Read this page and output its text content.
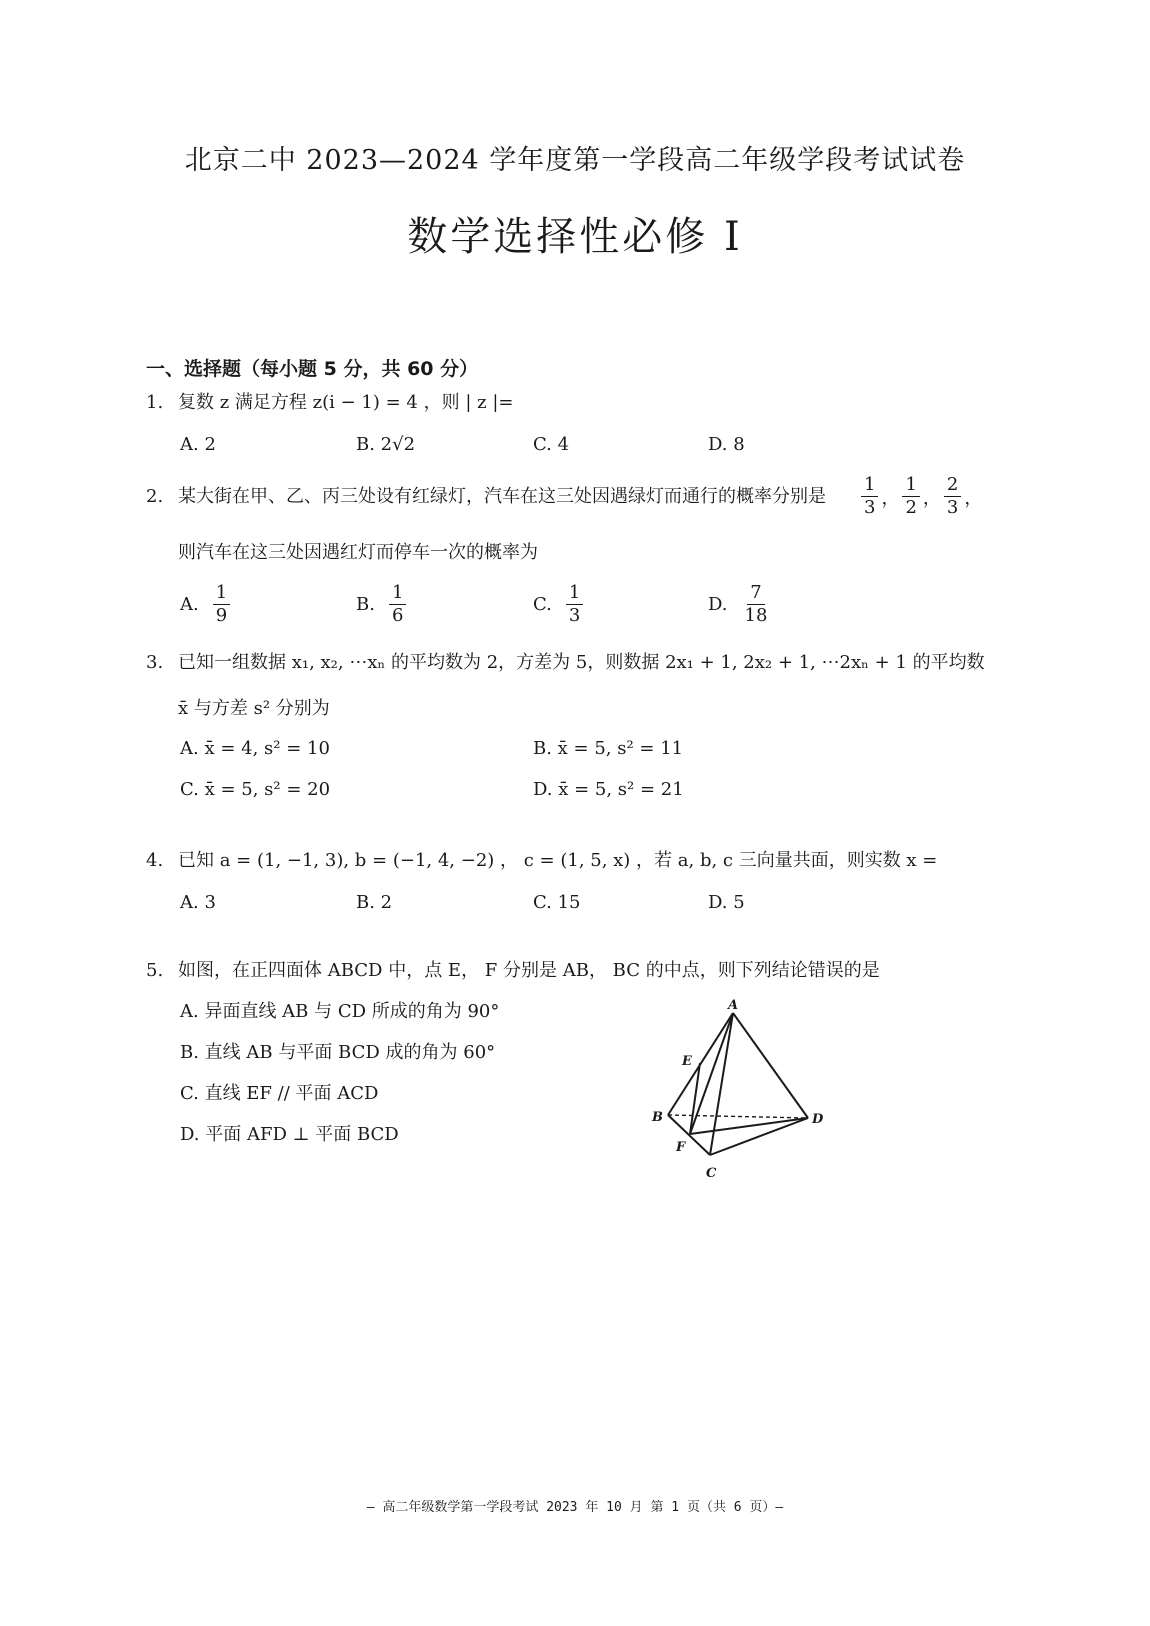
北京二中 2023—2024 学年度第一学段高二年级学段考试试卷
数学选择性必修 I
一、选择题（每小题 5 分，共 60 分）
1. 复数 z 满足方程 z(i − 1) = 4 ，则 | z |=
A. 2	B. 2√2	C. 4	D. 8
2. 某大街在甲、乙、丙三处设有红绿灯，汽车在这三处因遇绿灯而通行的概率分别是 $\frac{1}{3}$ ， $\frac{1}{2}$ ， $\frac{2}{3}$ ，
则汽车在这三处因遇红灯而停车一次的概率为
A. $\frac{1}{9}$	B. $\frac{1}{6}$	C. $\frac{1}{3}$	D. $\frac{7}{18}$
3. 已知一组数据 x₁, x₂, ⋯xₙ 的平均数为 2，方差为 5，则数据 2x₁ + 1, 2x₂ + 1, ⋯2xₙ + 1 的平均数
x̄ 与方差 s² 分别为
A. x̄ = 4, s² = 10	B. x̄ = 5, s² = 11
C. x̄ = 5, s² = 20	D. x̄ = 5, s² = 21
4. 已知 a = (1, −1, 3), b = (−1, 4, −2) ， c = (1, 5, x) ，若 a, b, c 三向量共面，则实数 x =
A. 3	B. 2	C. 15	D. 5
5. 如图，在正四面体 ABCD 中，点 E， F 分别是 AB， BC 的中点，则下列结论错误的是
A. 异面直线 AB 与 CD 所成的角为 90°
B. 直线 AB 与平面 BCD 成的角为 60°
C. 直线 EF // 平面 ACD
D. 平面 AFD ⊥ 平面 BCD
A
B
C
D
E
F
– 高二年级数学第一学段考试 2023 年 10 月 第 1 页（共 6 页）–
